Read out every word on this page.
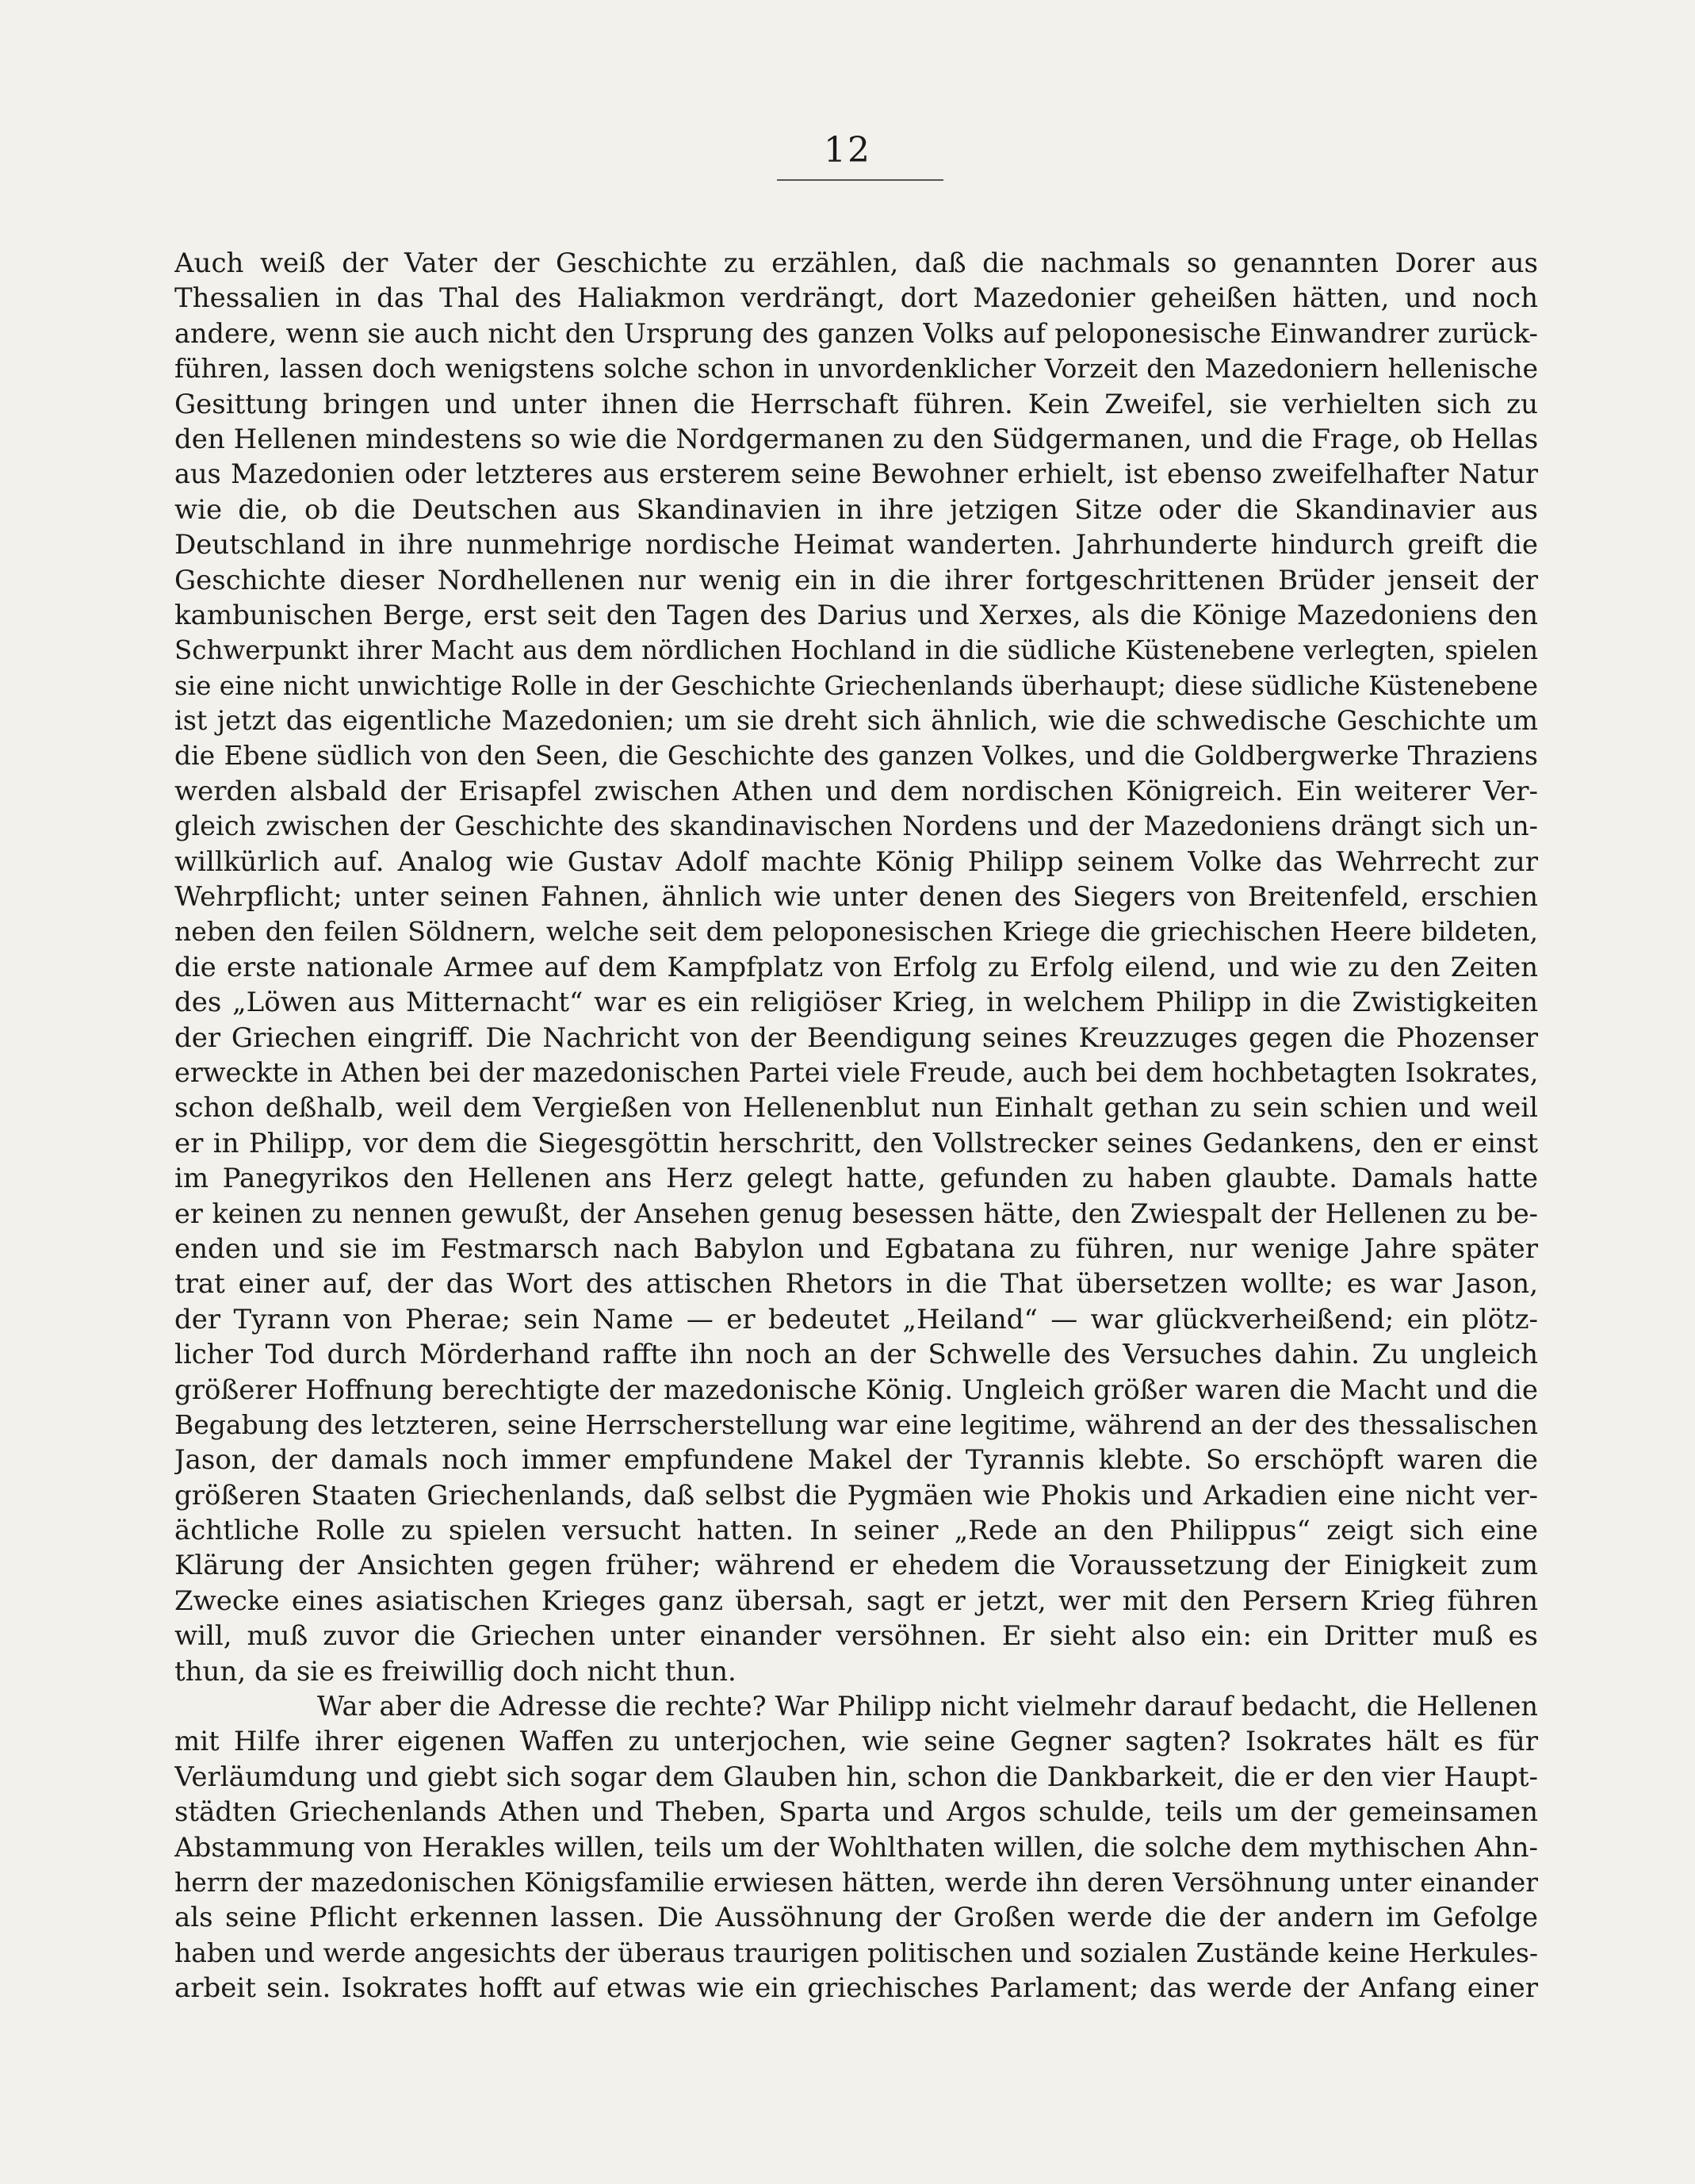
12
Auch weiß der Vater der Geschichte zu erzählen, daß die nachmals so genannten Dorer aus
Thessalien in das Thal des Haliakmon verdrängt, dort Mazedonier geheißen hätten, und noch
andere, wenn sie auch nicht den Ursprung des ganzen Volks auf peloponesische Einwandrer zurück-
führen, lassen doch wenigstens solche schon in unvordenklicher Vorzeit den Mazedoniern hellenische
Gesittung bringen und unter ihnen die Herrschaft führen. Kein Zweifel, sie verhielten sich zu
den Hellenen mindestens so wie die Nordgermanen zu den Südgermanen, und die Frage, ob Hellas
aus Mazedonien oder letzteres aus ersterem seine Bewohner erhielt, ist ebenso zweifelhafter Natur
wie die, ob die Deutschen aus Skandinavien in ihre jetzigen Sitze oder die Skandinavier aus
Deutschland in ihre nunmehrige nordische Heimat wanderten. Jahrhunderte hindurch greift die
Geschichte dieser Nordhellenen nur wenig ein in die ihrer fortgeschrittenen Brüder jenseit der
kambunischen Berge, erst seit den Tagen des Darius und Xerxes, als die Könige Mazedoniens den
Schwerpunkt ihrer Macht aus dem nördlichen Hochland in die südliche Küstenebene verlegten, spielen
sie eine nicht unwichtige Rolle in der Geschichte Griechenlands überhaupt; diese südliche Küstenebene
ist jetzt das eigentliche Mazedonien; um sie dreht sich ähnlich, wie die schwedische Geschichte um
die Ebene südlich von den Seen, die Geschichte des ganzen Volkes, und die Goldbergwerke Thraziens
werden alsbald der Erisapfel zwischen Athen und dem nordischen Königreich. Ein weiterer Ver-
gleich zwischen der Geschichte des skandinavischen Nordens und der Mazedoniens drängt sich un-
willkürlich auf. Analog wie Gustav Adolf machte König Philipp seinem Volke das Wehrrecht zur
Wehrpflicht; unter seinen Fahnen, ähnlich wie unter denen des Siegers von Breitenfeld, erschien
neben den feilen Söldnern, welche seit dem peloponesischen Kriege die griechischen Heere bildeten,
die erste nationale Armee auf dem Kampfplatz von Erfolg zu Erfolg eilend, und wie zu den Zeiten
des „Löwen aus Mitternacht“ war es ein religiöser Krieg, in welchem Philipp in die Zwistigkeiten
der Griechen eingriff. Die Nachricht von der Beendigung seines Kreuzzuges gegen die Phozenser
erweckte in Athen bei der mazedonischen Partei viele Freude, auch bei dem hochbetagten Isokrates,
schon deßhalb, weil dem Vergießen von Hellenenblut nun Einhalt gethan zu sein schien und weil
er in Philipp, vor dem die Siegesgöttin herschritt, den Vollstrecker seines Gedankens, den er einst
im Panegyrikos den Hellenen ans Herz gelegt hatte, gefunden zu haben glaubte. Damals hatte
er keinen zu nennen gewußt, der Ansehen genug besessen hätte, den Zwiespalt der Hellenen zu be-
enden und sie im Festmarsch nach Babylon und Egbatana zu führen, nur wenige Jahre später
trat einer auf, der das Wort des attischen Rhetors in die That übersetzen wollte; es war Jason,
der Tyrann von Pherae; sein Name — er bedeutet „Heiland“ — war glückverheißend; ein plötz-
licher Tod durch Mörderhand raffte ihn noch an der Schwelle des Versuches dahin. Zu ungleich
größerer Hoffnung berechtigte der mazedonische König. Ungleich größer waren die Macht und die
Begabung des letzteren, seine Herrscherstellung war eine legitime, während an der des thessalischen
Jason, der damals noch immer empfundene Makel der Tyrannis klebte. So erschöpft waren die
größeren Staaten Griechenlands, daß selbst die Pygmäen wie Phokis und Arkadien eine nicht ver-
ächtliche Rolle zu spielen versucht hatten. In seiner „Rede an den Philippus“ zeigt sich eine
Klärung der Ansichten gegen früher; während er ehedem die Voraussetzung der Einigkeit zum
Zwecke eines asiatischen Krieges ganz übersah, sagt er jetzt, wer mit den Persern Krieg führen
will, muß zuvor die Griechen unter einander versöhnen. Er sieht also ein: ein Dritter muß es
thun, da sie es freiwillig doch nicht thun.
War aber die Adresse die rechte? War Philipp nicht vielmehr darauf bedacht, die Hellenen
mit Hilfe ihrer eigenen Waffen zu unterjochen, wie seine Gegner sagten? Isokrates hält es für
Verläumdung und giebt sich sogar dem Glauben hin, schon die Dankbarkeit, die er den vier Haupt-
städten Griechenlands Athen und Theben, Sparta und Argos schulde, teils um der gemeinsamen
Abstammung von Herakles willen, teils um der Wohlthaten willen, die solche dem mythischen Ahn-
herrn der mazedonischen Königsfamilie erwiesen hätten, werde ihn deren Versöhnung unter einander
als seine Pflicht erkennen lassen. Die Aussöhnung der Großen werde die der andern im Gefolge
haben und werde angesichts der überaus traurigen politischen und sozialen Zustände keine Herkules-
arbeit sein. Isokrates hofft auf etwas wie ein griechisches Parlament; das werde der Anfang einer
